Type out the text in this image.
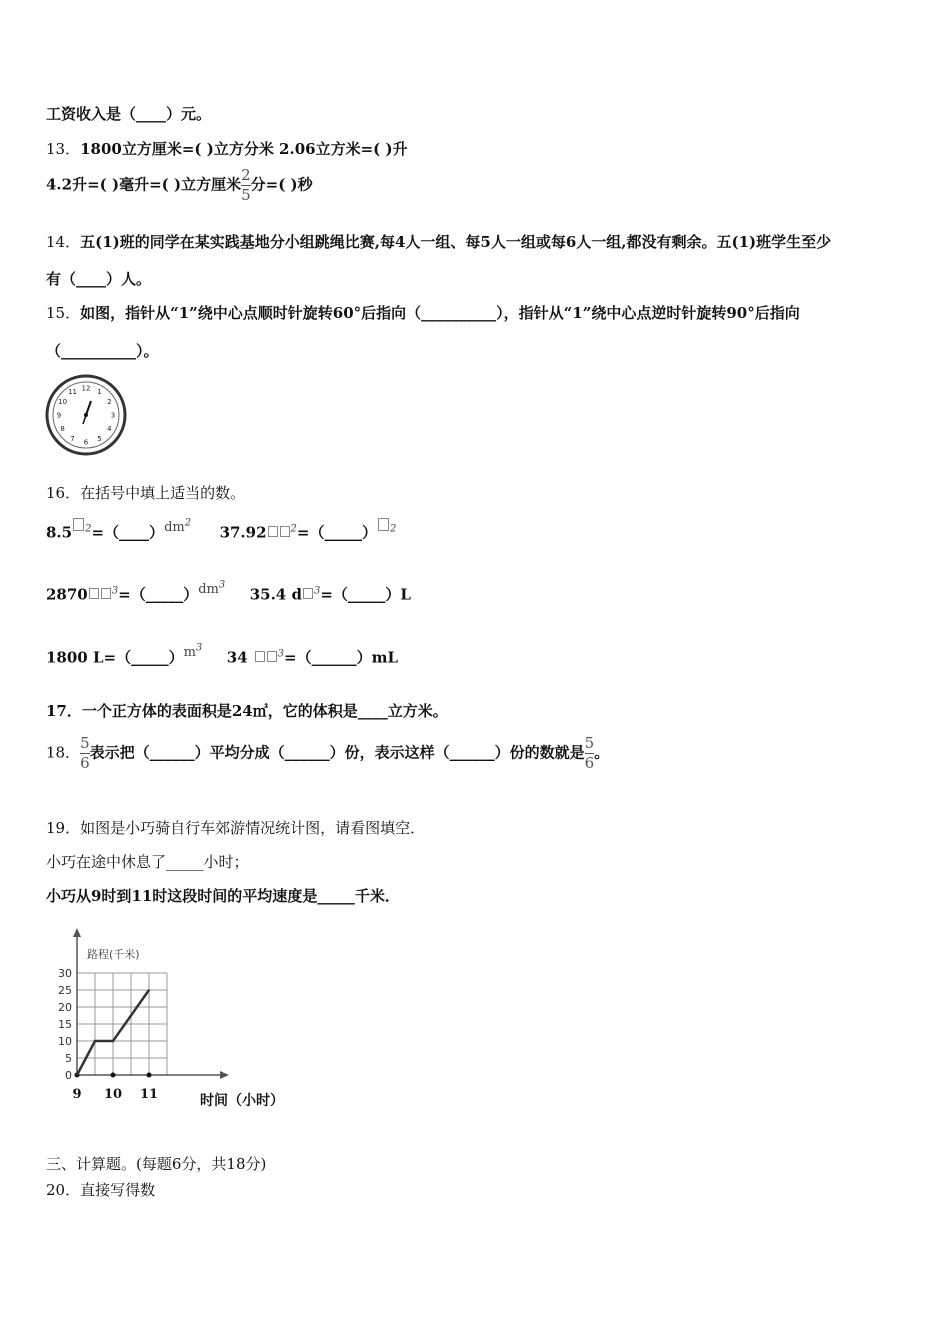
工资收入是（____）元。
13．1800立方厘米=( )立方分米 2.06立方米=( )升
4.2升=( )毫升=( )立方厘米 $\frac{2}{5}$ 分=( )秒
14．五(1)班的同学在某实践基地分小组跳绳比赛,每4人一组、每5人一组或每6人一组,都没有剩余。五(1)班学生至少
有（____）人。
15．如图，指针从“1”绕中心点顺时针旋转60°后指向（__________），指针从“1”绕中心点逆时针旋转90°后指向
（__________）。
12 1
2
3
4
5
6
7
8
9
10
11
16．在括号中填上适当的数。
8.5 $^2=(\_\_\_\_)dm^2$ 37.92 $^2$=（_____） $^2$
2870 $^3=(\_\_\_\_\_)dm^3$ 35.4 d $^3$=（_____）L
1800 $L=(\_\_\_\_\_)m^3$ 34	$^3$=（______）mL
17．一个正方体的表面积是24㎡，它的体积是____立方米。
18． $\frac{5}{6}$ 表示把（______）平均分成（______）份，表示这样（______）份的数就是 $\frac{5}{6}$ 。
19．如图是小巧骑自行车郊游情况统计图，请看图填空．
小巧在途中休息了_____小时；
小巧从9时到11时这段时间的平均速度是_____千米．
0
5
10
15
20
25
30
9 10 11
路程(千米)
时间（小时）
三、计算题。(每题6分，共18分)
20．直接写得数
